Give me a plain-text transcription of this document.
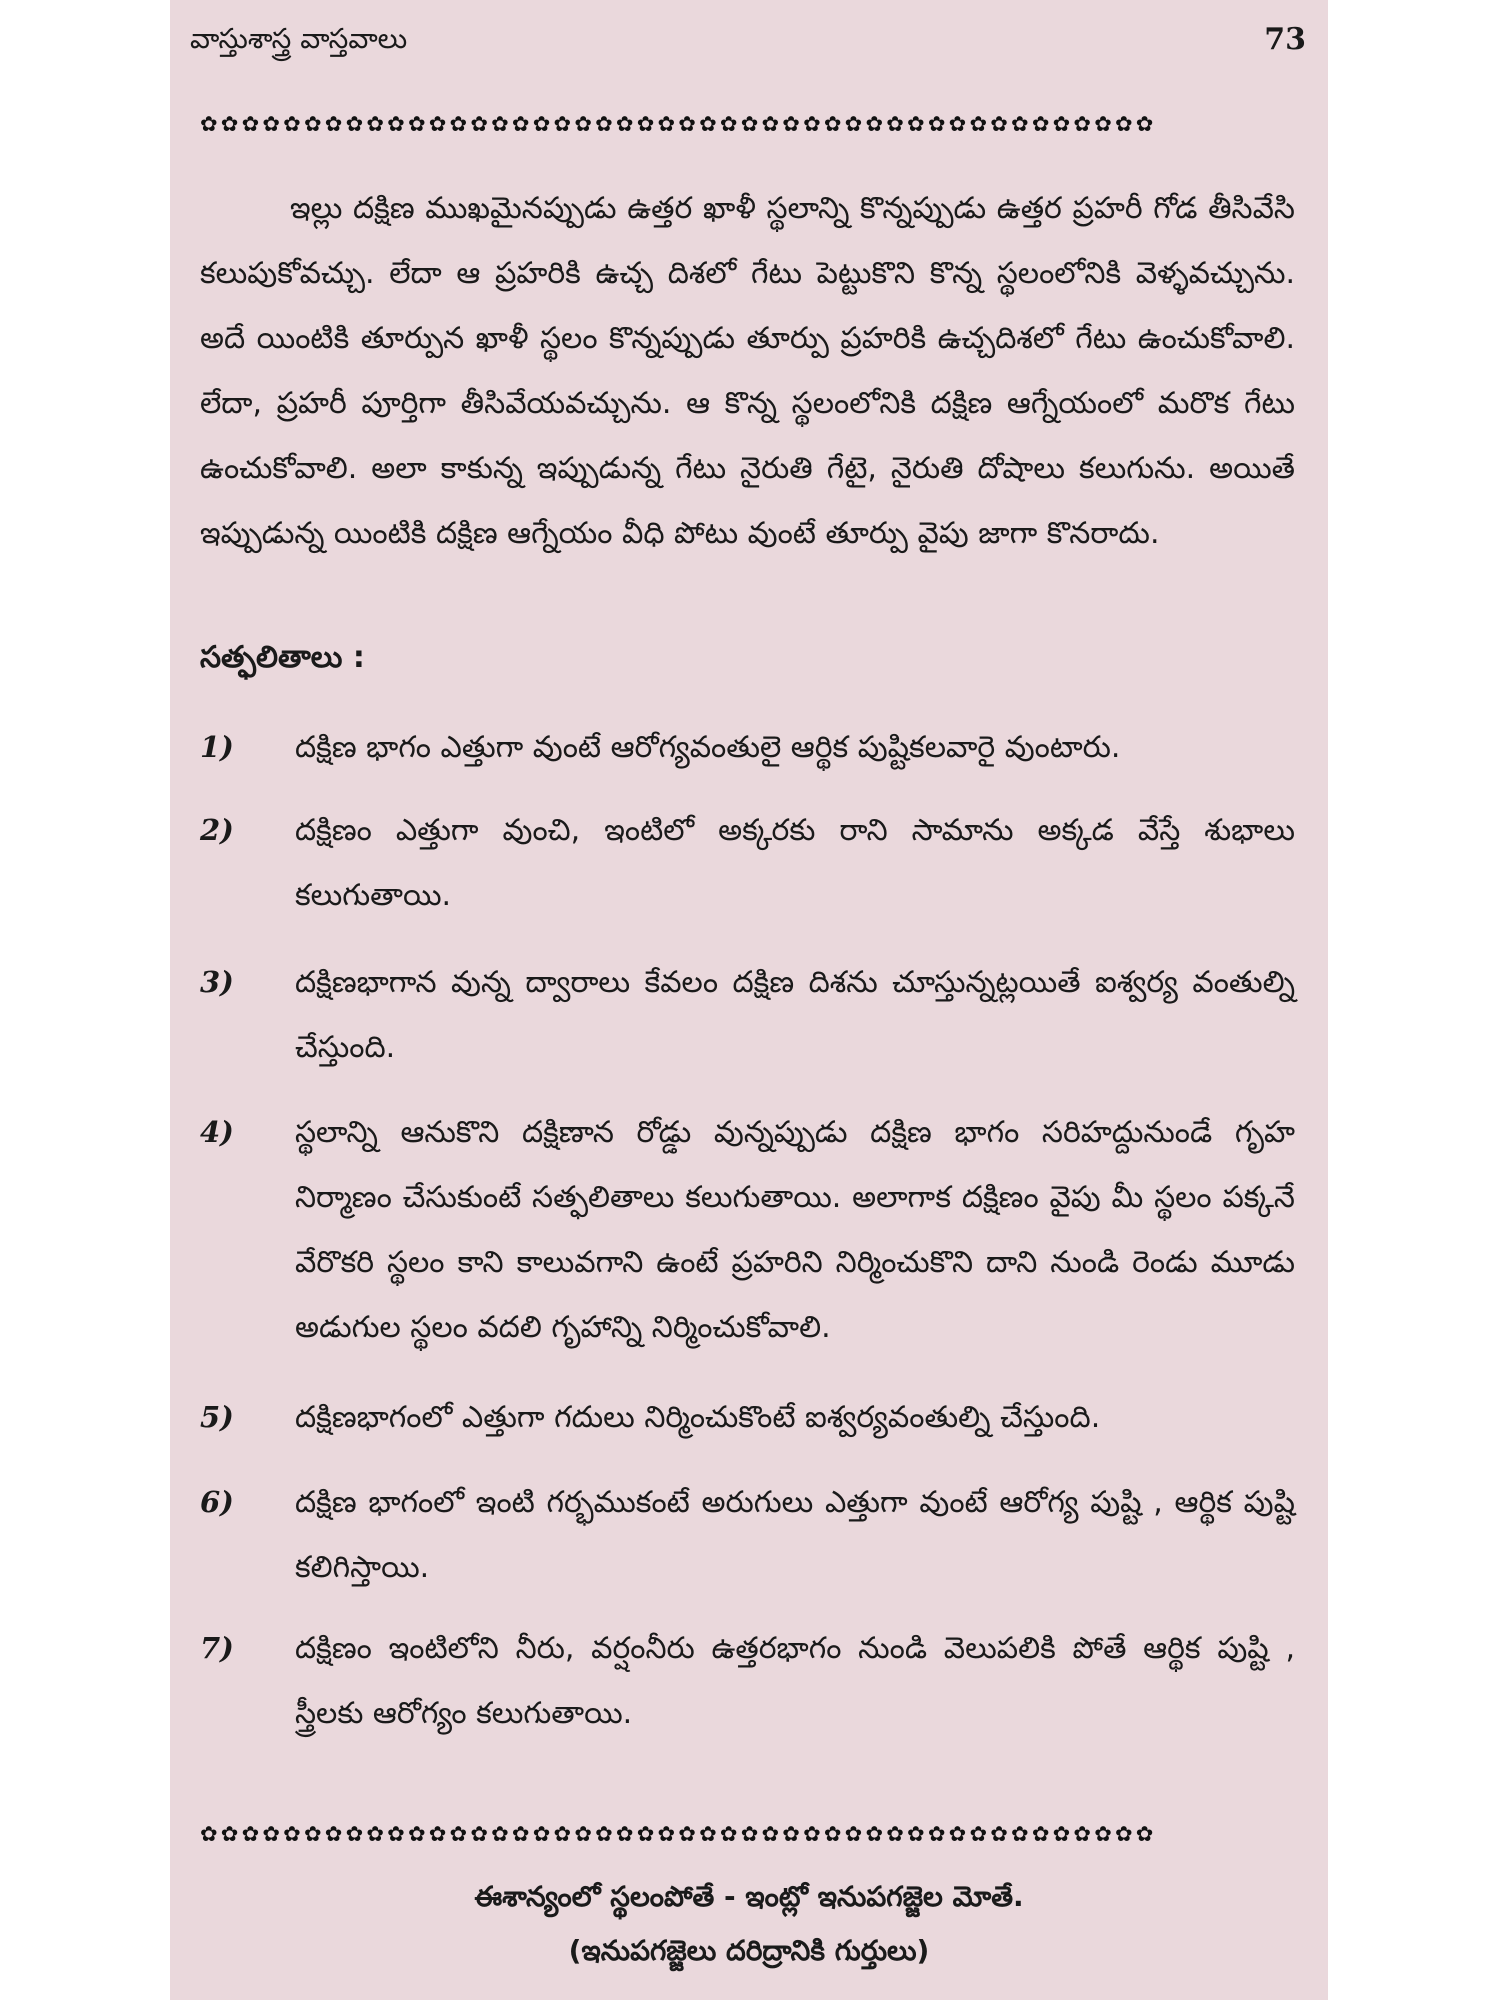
వాస్తుశాస్త్ర వాస్తవాలు	73
✿✿✿✿✿✿✿✿✿✿✿✿✿✿✿✿✿✿✿✿✿✿✿✿✿✿✿✿✿✿✿✿✿✿✿✿✿✿✿✿✿✿✿✿✿✿

ఇల్లు దక్షిణ ముఖమైనప్పుడు ఉత్తర ఖాళీ స్థలాన్ని కొన్నప్పుడు ఉత్తర ప్రహరీ గోడ తీసివేసి కలుపుకోవచ్చు. లేదా ఆ ప్రహరికి ఉచ్చ దిశలో గేటు పెట్టుకొని కొన్న స్థలంలోనికి వెళ్ళవచ్చును. అదే యింటికి తూర్పున ఖాళీ స్థలం కొన్నప్పుడు తూర్పు ప్రహరికి ఉచ్చదిశలో గేటు ఉంచుకోవాలి. లేదా, ప్రహరీ పూర్తిగా తీసివేయవచ్చును. ఆ కొన్న స్థలంలోనికి దక్షిణ ఆగ్నేయంలో మరొక గేటు ఉంచుకోవాలి. అలా కాకున్న ఇప్పుడున్న గేటు నైరుతి గేటై, నైరుతి దోషాలు కలుగును. అయితే ఇప్పుడున్న యింటికి దక్షిణ ఆగ్నేయం వీధి పోటు వుంటే తూర్పు వైపు జాగా కొనరాదు.

సత్ఫలితాలు :
1) దక్షిణ భాగం ఎత్తుగా వుంటే ఆరోగ్యవంతులై ఆర్థిక పుష్టికలవారై వుంటారు.
2) దక్షిణం ఎత్తుగా వుంచి, ఇంటిలో అక్కరకు రాని సామాను అక్కడ వేస్తే శుభాలు కలుగుతాయి.
3) దక్షిణభాగాన వున్న ద్వారాలు కేవలం దక్షిణ దిశను చూస్తున్నట్లయితే ఐశ్వర్య వంతుల్ని చేస్తుంది.
4) స్థలాన్ని ఆనుకొని దక్షిణాన రోడ్డు వున్నప్పుడు దక్షిణ భాగం సరిహద్దునుండే గృహ నిర్మాణం చేసుకుంటే సత్ఫలితాలు కలుగుతాయి. అలాగాక దక్షిణం వైపు మీ స్థలం పక్కనే వేరొకరి స్థలం కాని కాలువగాని ఉంటే ప్రహరిని నిర్మించుకొని దాని నుండి రెండు మూడు అడుగుల స్థలం వదలి గృహాన్ని నిర్మించుకోవాలి.
5) దక్షిణభాగంలో ఎత్తుగా గదులు నిర్మించుకొంటే ఐశ్వర్యవంతుల్ని చేస్తుంది.
6) దక్షిణ భాగంలో ఇంటి గర్భముకంటే అరుగులు ఎత్తుగా వుంటే ఆరోగ్య పుష్టి , ఆర్థిక పుష్టి కలిగిస్తాయి.
7) దక్షిణం ఇంటిలోని నీరు, వర్షంనీరు ఉత్తరభాగం నుండి వెలుపలికి పోతే ఆర్థిక పుష్టి , స్త్రీలకు ఆరోగ్యం కలుగుతాయి.
✿✿✿✿✿✿✿✿✿✿✿✿✿✿✿✿✿✿✿✿✿✿✿✿✿✿✿✿✿✿✿✿✿✿✿✿✿✿✿✿✿✿✿✿✿✿
ఈశాన్యంలో స్థలంపోతే - ఇంట్లో ఇనుపగజ్జెల మోతే.
(ఇనుపగజ్జెలు దరిద్రానికి గుర్తులు)
